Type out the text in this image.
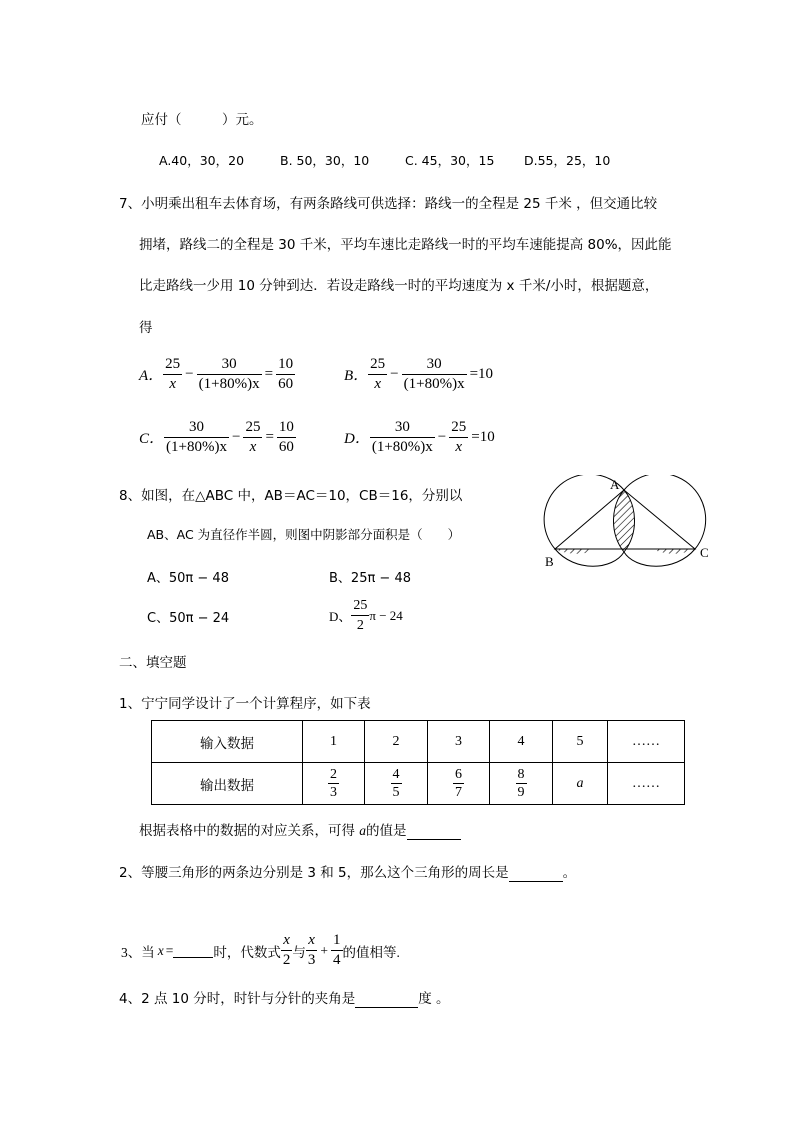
应付（　　　）元。
A.40，30，20	B. 50，30，10	C. 45，30，15 D.55，25，10
7、小明乘出租车去体育场，有两条路线可供选择：路线一的全程是 25 千米 ，但交通比较
拥堵，路线二的全程是 30 千米，平均车速比走路线一时的平均车速能提高 80%，因此能
比走路线一少用 10 分钟到达．若设走路线一时的平均速度为 x 千米/小时，根据题意，
得
A． $\frac{25}{x} - \frac{30}{(1+80\%)x} = \frac{10}{60}$	B． $\frac{25}{x} - \frac{30}{(1+80\%)x} =10$
C． $\frac{30}{(1+80\%)x} - \frac{25}{x} = \frac{10}{60}$	D． $\frac{30}{(1+80\%)x} - \frac{25}{x} =10$
8、如图，在△ABC 中，AB＝AC＝10，CB＝16，分别以
AB、AC 为直径作半圆，则图中阴影部分面积是（　　）
A、50π − 48	B、25π − 48
C、50π − 24	D、 $\frac{25}{2}$ π − 24
A
B
C
二、填空题
1、宁宁同学设计了一个计算程序，如下表
输入数据	1	2	3	4	5	……
输出数据	$\frac{2}{3}$	$\frac{4}{5}$	$\frac{6}{7}$	$\frac{8}{9}$	a	……
根据表格中的数据的对应关系，可得 a的值是
2、等腰三角形的两条边分别是 3 和 5，那么这个三角形的周长是	。
3、当 x =	时，代数式 $\frac{x}{2}$ 与 $\frac{x}{3} + \frac{1}{4}$ 的值相等.
4、2 点 10 分时，时针与分针的夹角是	度 。
